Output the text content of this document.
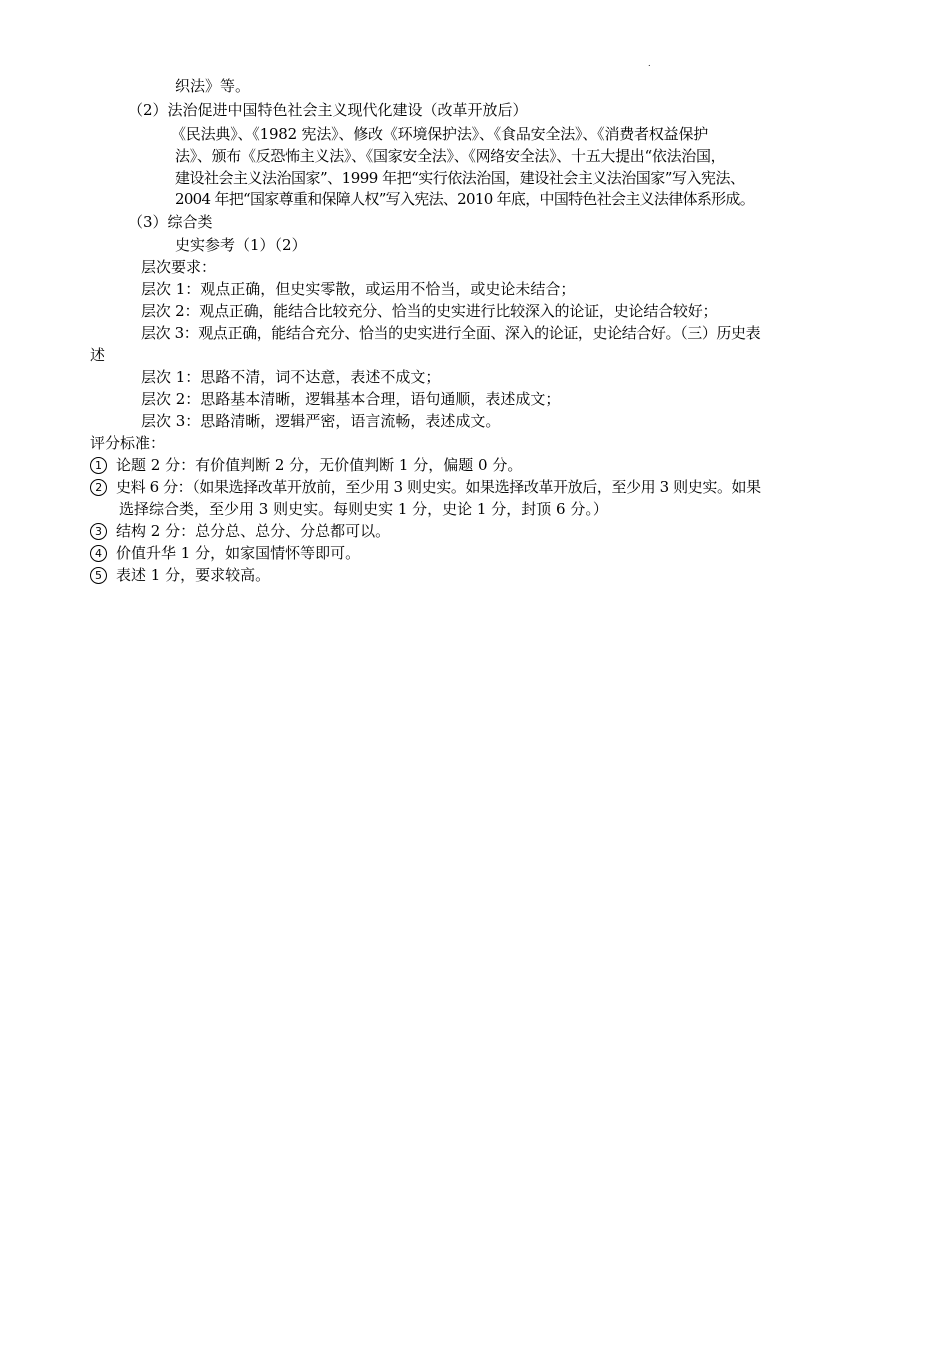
.
织法》等。
（2）法治促进中国特色社会主义现代化建设（改革开放后）
《民法典》、《1982 宪法》、修改《环境保护法》、《食品安全法》、《消费者权益保护
法》、颁布《反恐怖主义法》、《国家安全法》、《网络安全法》、十五大提出“依法治国，
建设社会主义法治国家”、1999 年把“实行依法治国，建设社会主义法治国家”写入宪法、
2004 年把“国家尊重和保障人权”写入宪法、2010 年底，中国特色社会主义法律体系形成。
（3）综合类
史实参考（1）（2）
层次要求：
层次 1：观点正确，但史实零散，或运用不恰当，或史论未结合；
层次 2：观点正确，能结合比较充分、恰当的史实进行比较深入的论证，史论结合较好；
层次 3：观点正确，能结合充分、恰当的史实进行全面、深入的论证，史论结合好。（三）历史表
述
层次 1：思路不清，词不达意，表述不成文；
层次 2：思路基本清晰，逻辑基本合理，语句通顺，表述成文；
层次 3：思路清晰，逻辑严密，语言流畅，表述成文。
评分标准：
1 论题 2 分：有价值判断 2 分，无价值判断 1 分，偏题 0 分。
2 史料 6 分：（如果选择改革开放前，至少用 3 则史实。如果选择改革开放后，至少用 3 则史实。如果
选择综合类，至少用 3 则史实。每则史实 1 分，史论 1 分，封顶 6 分。）
3 结构 2 分：总分总、总分、分总都可以。
4 价值升华 1 分，如家国情怀等即可。
5 表述 1 分，要求较高。
